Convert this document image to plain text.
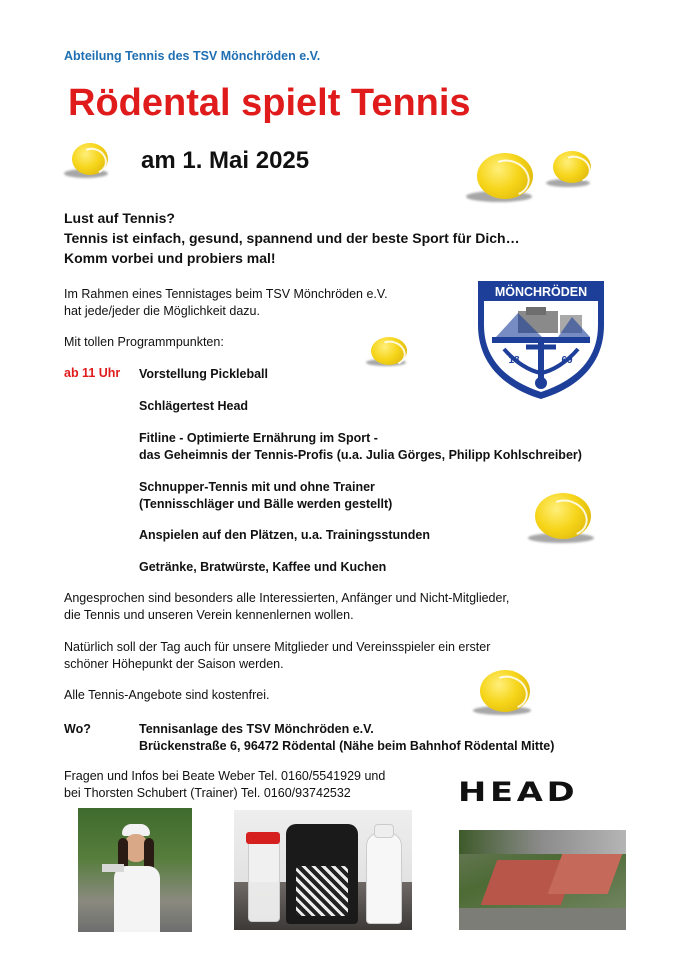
Abteilung Tennis des TSV Mönchröden e.V.
Rödental spielt Tennis
am 1. Mai 2025
Lust auf Tennis?
Tennis ist einfach, gesund, spannend und der beste Sport für Dich…
Komm vorbei und probiers mal!
Im Rahmen eines Tennistages beim TSV Mönchröden e.V.
hat jede/jeder die Möglichkeit dazu.
Mit tollen Programmpunkten:
MÖNCHRÖDEN
18	69
ab 11 Uhr Vorstellung Pickleball
Schlägertest Head
Fitline - Optimierte Ernährung im Sport -
das Geheimnis der Tennis-Profis (u.a. Julia Görges, Philipp Kohlschreiber)
Schnupper-Tennis mit und ohne Trainer
(Tennisschläger und Bälle werden gestellt)
Anspielen auf den Plätzen, u.a. Trainingsstunden
Getränke, Bratwürste, Kaffee und Kuchen
Angesprochen sind besonders alle Interessierten, Anfänger und Nicht-Mitglieder,
die Tennis und unseren Verein kennenlernen wollen.
Natürlich soll der Tag auch für unsere Mitglieder und Vereinsspieler ein erster
schöner Höhepunkt der Saison werden.
Alle Tennis-Angebote sind kostenfrei.
Wo?	Tennisanlage des TSV Mönchröden e.V.
Brückenstraße 6, 96472 Rödental (Nähe beim Bahnhof Rödental Mitte)
Fragen und Infos bei Beate Weber Tel. 0160/5541929 und
bei Thorsten Schubert (Trainer) Tel. 0160/93742532	HEAD
